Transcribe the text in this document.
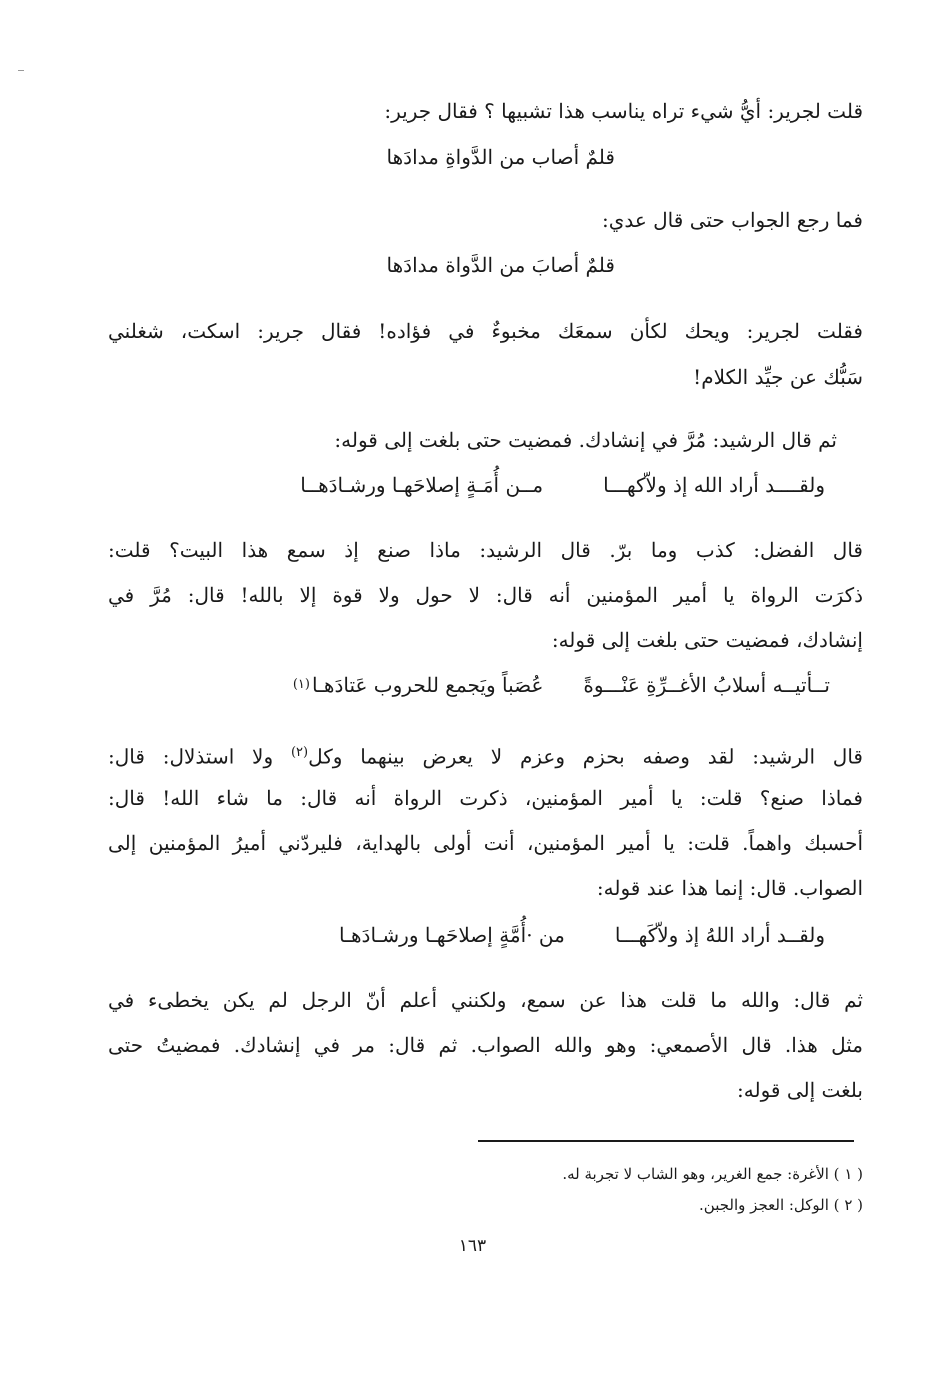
قلت لجرير: أيُّ شيء تراه يناسب هذا تشبيها ؟ فقال جرير:
قلمٌ أصاب من الدَّواةِ مدادَها
فما رجع الجواب حتى قال عدي:
قلمٌ أصابَ من الدَّواة مدادَها
فقلت لجرير: ويحك لكأن سمعَك مخبوءٌ في فؤاده! فقال جرير: اسكت، شغلني
سَبُّك عن جيِّد الكلام!
ثم قال الرشيد: مُرَّ في إنشادك. فمضيت حتى بلغت إلى قوله:
ولقــــد أراد الله إذ ولاّكهـــا
مــن أُمَـةٍ إصلاحَهـا ورشـادَهــا
قال الفضل: كذب وما برّ. قال الرشيد: ماذا صنع إذ سمع هذا البيت؟ قلت:
ذكرَت الرواة يا أمير المؤمنين أنه قال: لا حول ولا قوة إلا بالله! قال: مُرَّ في
إنشادك، فمضيت حتى بلغت إلى قوله:
تــأتيــه أسلابُ الأغــرِّةِ عَنْـــوةً
عُصَباً ويَجمع للحروب عَتادَهـا
(١)
قال الرشيد: لقد وصفه بحزم وعزم لا يعرض بينهما وكل$^{(٢)}$ ولا استذلال: قال:
فماذا صنع؟ قلت: يا أمير المؤمنين، ذكرت الرواة أنه قال: ما شاء الله! قال:
أحسبك واهماً. قلت: يا أمير المؤمنين، أنت أولى بالهداية، فليردّني أميرُ المؤمنين إلى
الصواب. قال: إنما هذا عند قوله:
ولقــد أراد اللهُ إذ ولاّكَهـــا
من ·أُمَّةٍ إصلاحَهـا ورشـادَهـا
ثم قال: والله ما قلت هذا عن سمع، ولكنني أعلم أنّ الرجل لم يكن يخطىء في
مثل هذا. قال الأصمعي: وهو والله الصواب. ثم قال: مر في إنشادك. فمضيتُ حتى
بلغت إلى قوله:
( ١ ) الأغرة: جمع الغرير، وهو الشاب لا تجربة له.
( ٢ ) الوكل: العجز والجبن.
١٦٣
